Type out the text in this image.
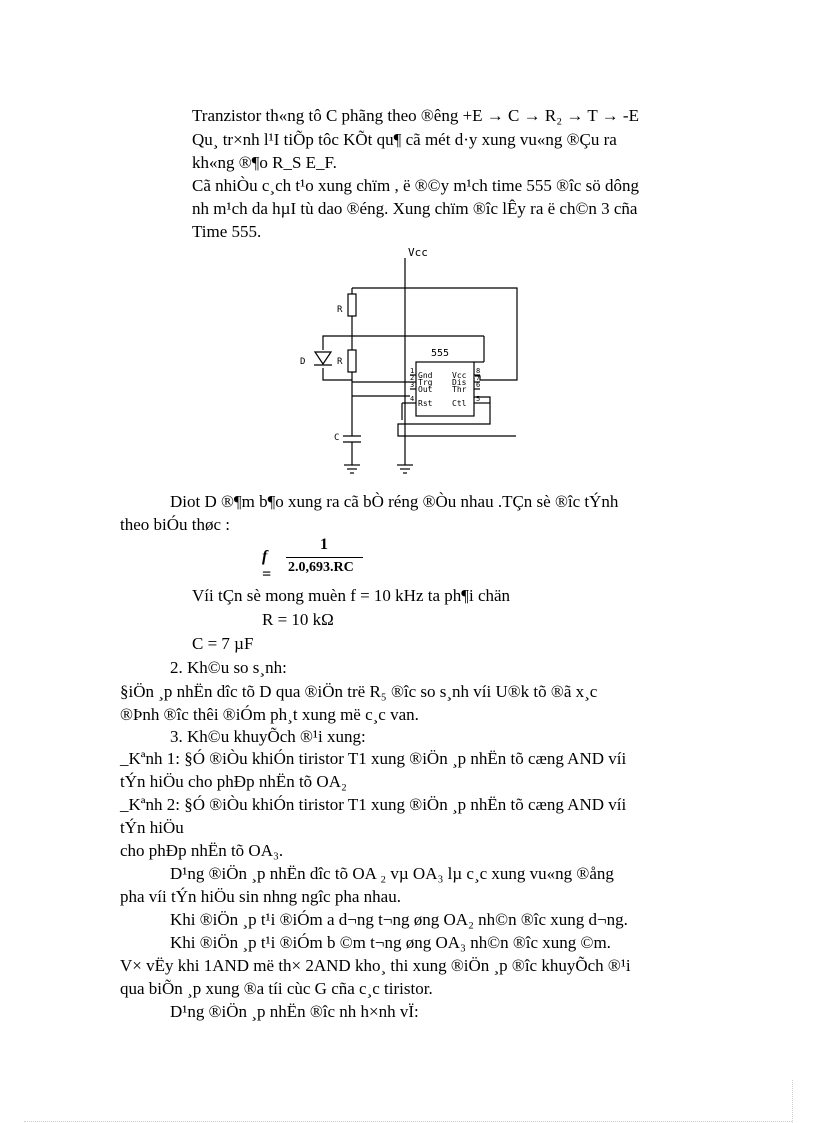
Tranzistor th«ng tô C phãng theo ®êng +E → C → R₂ → T → -E
Qu¸ tr×nh l¹I tiÕp tôc KÕt qu¶ cã mét d·y xung vu«ng ®Çu ra
kh«ng ®¶o R_S E_F.
Cã nhiÒu c¸ch t¹o xung chïm , ë ®©y m¹ch time 555 ®îc sö dông
nh m¹ch da hµI tù dao ®éng. Xung chïm ®îc lÊy ra ë ch©n 3 cña
Time 555.
Vcc
R
R
D
C
555
Gnd
Trg
Out
Rst
Vcc
Dis
Thr
Ctl
1
2
3
4
8
7
6
5
Diot D ®¶m b¶o xung ra cã bÒ réng ®Òu nhau .TÇn sè ®îc tÝnh
theo biÓu thøc :
f =
1
2.0,693.RC
Víi tÇn sè mong muèn f = 10 kHz ta ph¶i chän
R = 10 kΩ
C = 7 µF
2. Kh©u so s¸nh:
§iÖn ¸p nhËn dîc tõ D qua ®iÖn trë R₅ ®îc so s¸nh víi U®k tõ ®ã x¸c
®Þnh ®îc thêi ®iÓm ph¸t xung më c¸c van.
3. Kh©u khuyÕch ®¹i xung:
_Kªnh 1: §Ó ®iÒu khiÓn tiristor T1 xung ®iÖn ¸p nhËn tõ cæng AND víi
tÝn hiÖu cho phÐp nhËn tõ OA₂
_Kªnh 2: §Ó ®iÒu khiÓn tiristor T1 xung ®iÖn ¸p nhËn tõ cæng AND víi
tÝn hiÖu
cho phÐp nhËn tõ OA₃.
D¹ng ®iÖn ¸p nhËn dîc tõ OA ₂ vµ OA₃ lµ c¸c xung vu«ng ®ång
pha víi tÝn hiÖu sin nhng ngîc pha nhau.
Khi ®iÖn ¸p t¹i ®iÓm a d¬ng t¬ng øng OA₂ nh©n ®îc xung d¬ng.
Khi ®iÖn ¸p t¹i ®iÓm b ©m t¬ng øng OA₃ nh©n ®îc xung ©m.
V× vËy khi 1AND më th× 2AND kho¸ thi xung ®iÖn ¸p ®îc khuyÕch ®¹i
qua biÕn ¸p xung ®a tíi cùc G cña c¸c tiristor.
D¹ng ®iÖn ¸p nhËn ®îc nh h×nh vÏ:
